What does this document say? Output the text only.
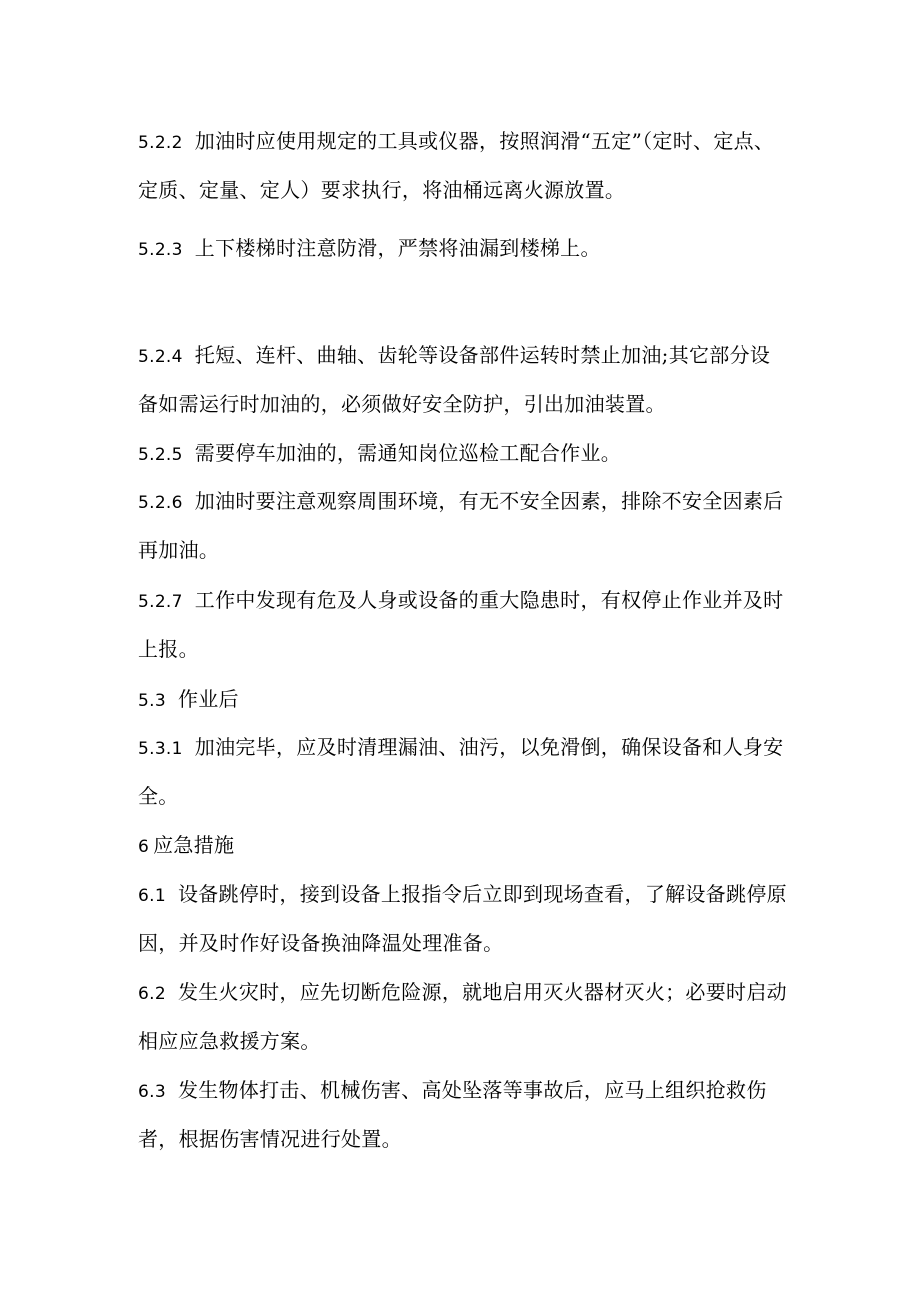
5.2.2 加油时应使用规定的工具或仪器，按照润滑“五定”（定时、定点、定质、定量、定人）要求执行，将油桶远离火源放置。

5.2.3 上下楼梯时注意防滑，严禁将油漏到楼梯上。

5.2.4 托短、连杆、曲轴、齿轮等设备部件运转时禁止加油;其它部分设备如需运行时加油的，必须做好安全防护，引出加油装置。

5.2.5 需要停车加油的，需通知岗位巡检工配合作业。

5.2.6 加油时要注意观察周围环境，有无不安全因素，排除不安全因素后再加油。

5.2.7 工作中发现有危及人身或设备的重大隐患时，有权停止作业并及时上报。

5.3 作业后

5.3.1 加油完毕，应及时清理漏油、油污，以免滑倒，确保设备和人身安全。

6 应急措施

6.1 设备跳停时，接到设备上报指令后立即到现场查看，了解设备跳停原因，并及时作好设备换油降温处理准备。

6.2 发生火灾时，应先切断危险源，就地启用灭火器材灭火；必要时启动相应应急救援方案。

6.3 发生物体打击、机械伤害、高处坠落等事故后，应马上组织抢救伤者，根据伤害情况进行处置。
